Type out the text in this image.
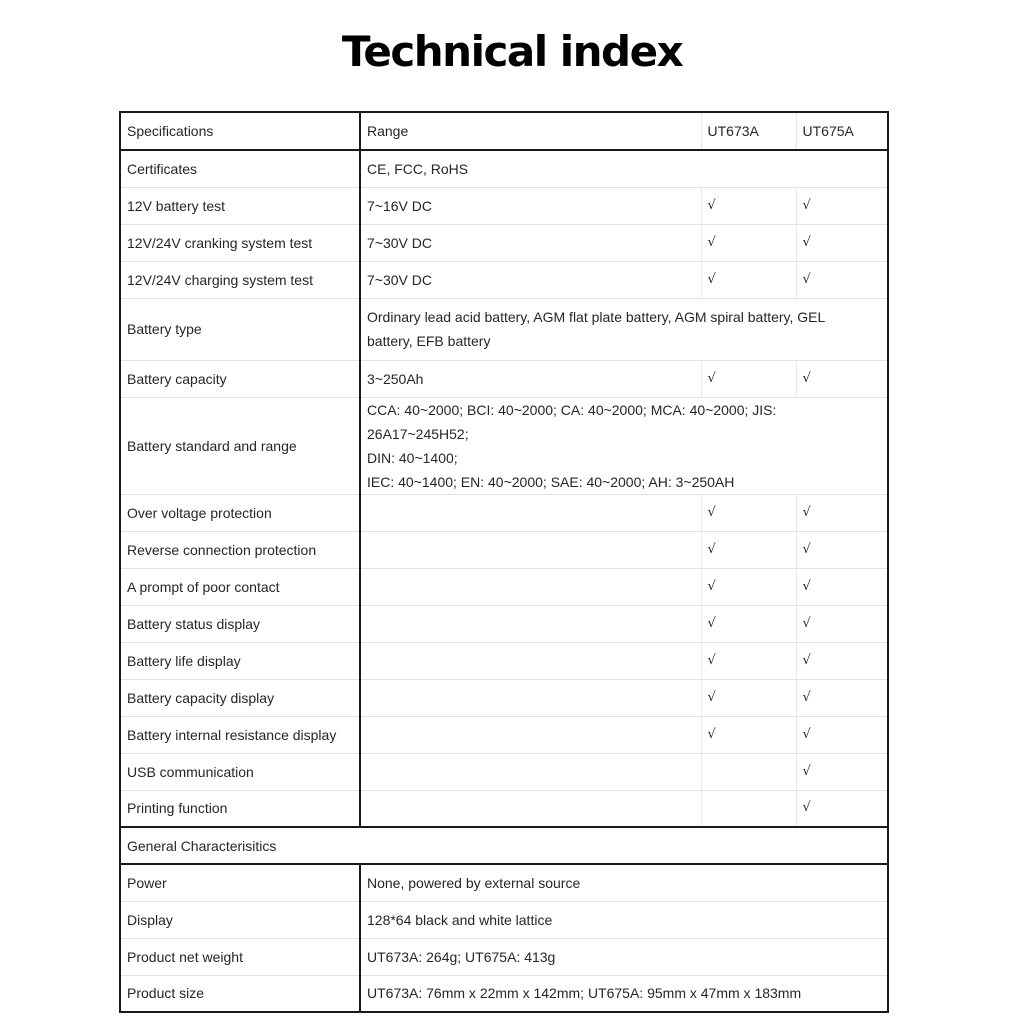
Technical index
Specifications	Range	UT673A	UT675A
Certificates	CE, FCC, RoHS		
12V battery test	7~16V DC	√	√
12V/24V cranking system test	7~30V DC	√	√
12V/24V charging system test	7~30V DC	√	√
Battery type	Ordinary lead acid battery, AGM flat plate battery, AGM spiral battery, GEL
battery, EFB battery		

Battery capacity	3~250Ah	√	√
Battery standard and range	CCA: 40~2000; BCI: 40~2000; CA: 40~2000; MCA: 40~2000; JIS: 26A17~245H52;
DIN: 40~1400;
IEC: 40~1400; EN: 40~2000; SAE: 40~2000; AH: 3~250AH		

Over voltage protection		√	√
Reverse connection protection		√	√
A prompt of poor contact		√	√
Battery status display		√	√
Battery life display		√	√
Battery capacity display		√	√
Battery internal resistance display		√	√
USB communication			√
Printing function			√
General Characterisitics			
Power	None, powered by external source		
Display	128*64 black and white lattice		
Product net weight	UT673A: 264g; UT675A: 413g		
Product size	UT673A: 76mm x 22mm x 142mm; UT675A: 95mm x 47mm x 183mm		
